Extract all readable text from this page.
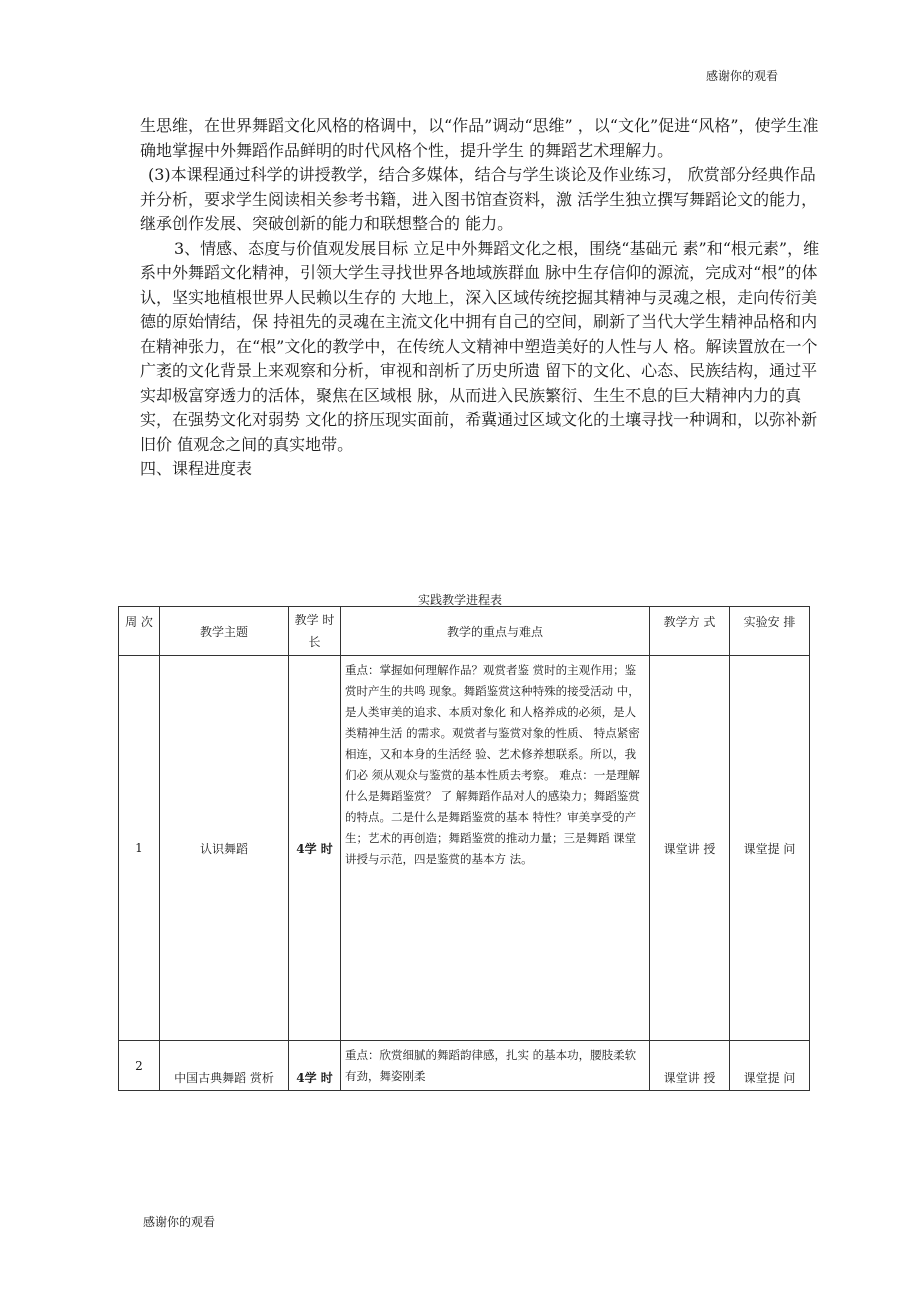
感谢你的观看

生思维，在世界舞蹈文化风格的格调中，以“作品”调动“思维” ，以“文化”促进“风格”，使学生准确地掌握中外舞蹈作品鲜明的时代风格个性，提升学生 的舞蹈艺术理解力。

(3)本课程通过科学的讲授教学，结合多媒体，结合与学生谈论及作业练习， 欣赏部分经典作品并分析，要求学生阅读相关参考书籍，进入图书馆查资料，激 活学生独立撰写舞蹈论文的能力，继承创作发展、突破创新的能力和联想整合的 能力。

3、情感、态度与价值观发展目标 立足中外舞蹈文化之根，围绕“基础元 素”和“根元素”，维系中外舞蹈文化精神，引领大学生寻找世界各地域族群血 脉中生存信仰的源流，完成对“根”的体认，坚实地植根世界人民赖以生存的 大地上，深入区域传统挖掘其精神与灵魂之根，走向传衍美德的原始情结，保 持祖先的灵魂在主流文化中拥有自己的空间，刷新了当代大学生精神品格和内 在精神张力，在“根”文化的教学中，在传统人文精神中塑造美好的人性与人 格。解读置放在一个广袤的文化背景上来观察和分析，审视和剖析了历史所遗 留下的文化、心态、民族结构，通过平实却极富穿透力的活体，聚焦在区域根 脉，从而进入民族繁衍、生生不息的巨大精神内力的真实，在强势文化对弱势 文化的挤压现实面前，希冀通过区域文化的土壤寻找一种调和，以弥补新旧价 值观念之间的真实地带。

四、课程进度表

实践教学进程表
周 次	教学主题	教学 时长	教学的重点与难点	教学方 式	实验安 排
1	认识舞蹈	4学 时	重点：掌握如何理解作品？观赏者鉴 赏时的主观作用；鉴赏时产生的共鸣 现象。舞蹈鉴赏这种特殊的接受活动 中，是人类审美的追求、本质对象化 和人格养成的必须，是人类精神生活 的需求。观赏者与鉴赏对象的性质、 特点紧密相连，又和本身的生活经 验、艺术修养想联系。所以，我们必 须从观众与鉴赏的基本性质去考察。 难点：一是理解什么是舞蹈鉴赏？ 了 解舞蹈作品对人的感染力；舞蹈鉴赏 的特点。二是什么是舞蹈鉴赏的基本 特性？审美享受的产生；艺术的再创造；舞蹈鉴赏的推动力量；三是舞蹈 课堂讲授与示范，四是鉴赏的基本方 法。	课堂讲 授	课堂提 问
2	中国古典舞蹈 赏析	4学 时	重点：欣赏细腻的舞蹈韵律感，扎实 的基本功，腰肢柔软有劲，舞姿刚柔	课堂讲 授	课堂提 问
感谢你的观看
